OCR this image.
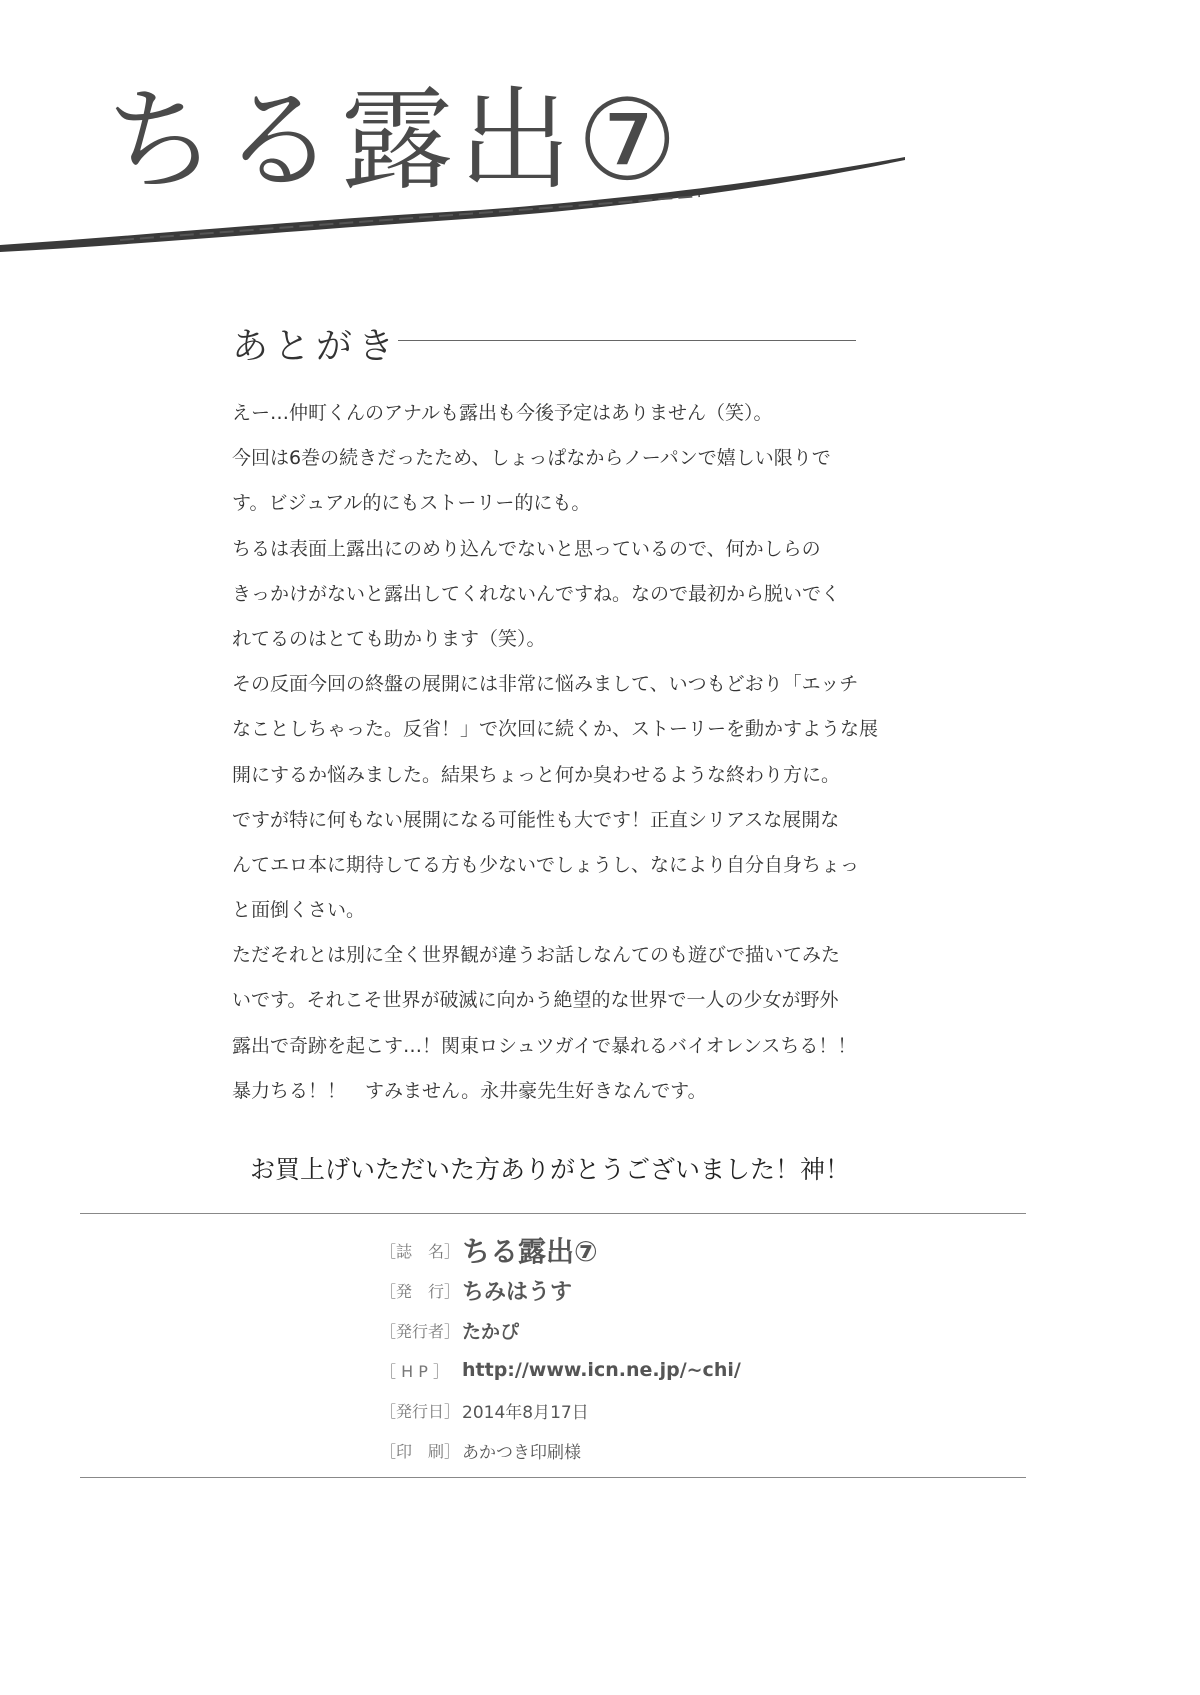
ちる露出⑦
あとがき
えー…仲町くんのアナルも露出も今後予定はありません（笑）。
今回は6巻の続きだったため、しょっぱなからノーパンで嬉しい限りで
す。ビジュアル的にもストーリー的にも。
ちるは表面上露出にのめり込んでないと思っているので、何かしらの
きっかけがないと露出してくれないんですね。なので最初から脱いでく
れてるのはとても助かります（笑）。
その反面今回の終盤の展開には非常に悩みまして、いつもどおり「エッチ
なことしちゃった。反省！」で次回に続くか、ストーリーを動かすような展
開にするか悩みました。結果ちょっと何か臭わせるような終わり方に。
ですが特に何もない展開になる可能性も大です！正直シリアスな展開な
んてエロ本に期待してる方も少ないでしょうし、なにより自分自身ちょっ
と面倒くさい。
ただそれとは別に全く世界観が違うお話しなんてのも遊びで描いてみた
いです。それこそ世界が破滅に向かう絶望的な世界で一人の少女が野外
露出で奇跡を起こす…！関東ロシュツガイで暴れるバイオレンスちる！！
暴力ちる！！　すみません。永井豪先生好きなんです。
お買上げいただいた方ありがとうございました！神！
［誌　名］ ちる露出⑦
［発　行］ ちみはうす
［発行者］ たかぴ
［ H P ］ http://www.icn.ne.jp/~chi/
［発行日］ 2014年8月17日
［印　刷］ あかつき印刷様
